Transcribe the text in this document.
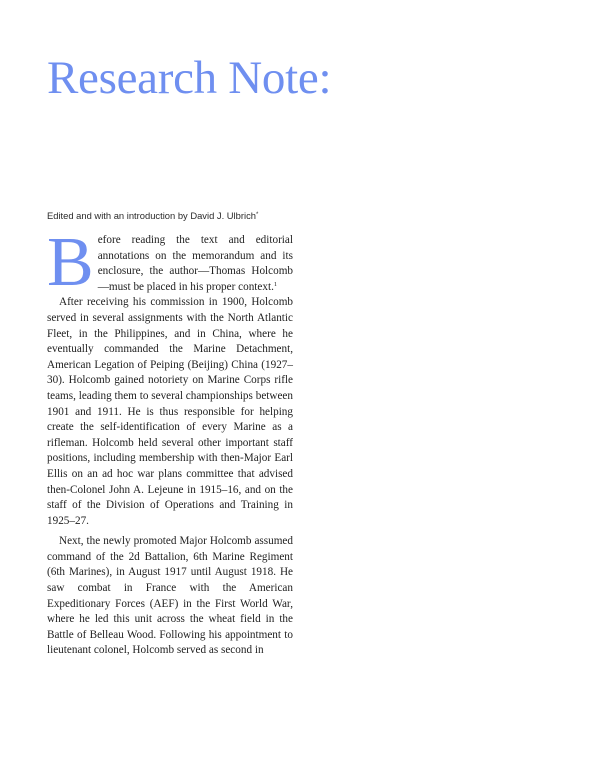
Research Note:
Edited and with an introduction by David J. Ulbrich*

Before reading the text and editorial annotations on the memorandum and its enclosure, the author—Thomas Holcomb—must be placed in his proper context.$^1$

After receiving his commission in 1900, Holcomb served in several assignments with the North Atlantic Fleet, in the Philippines, and in China, where he eventually commanded the Marine Detachment, American Legation of Peiping (Beijing) China (1927–30). Holcomb gained notoriety on Marine Corps rifle teams, leading them to several championships between 1901 and 1911. He is thus responsible for helping create the self-identification of every Marine as a rifleman. Holcomb held several other important staff positions, including membership with then-Major Earl Ellis on an ad hoc war plans committee that advised then-Colonel John A. Lejeune in 1915–16, and on the staff of the Division of Operations and Training in 1925–27.

Next, the newly promoted Major Holcomb assumed command of the 2d Battalion, 6th Marine Regiment (6th Marines), in August 1917 until August 1918. He saw combat in France with the American Expeditionary Forces (AEF) in the First World War, where he led this unit across the wheat field in the Battle of Belleau Wood. Following his appointment to lieutenant colonel, Holcomb served as second in
